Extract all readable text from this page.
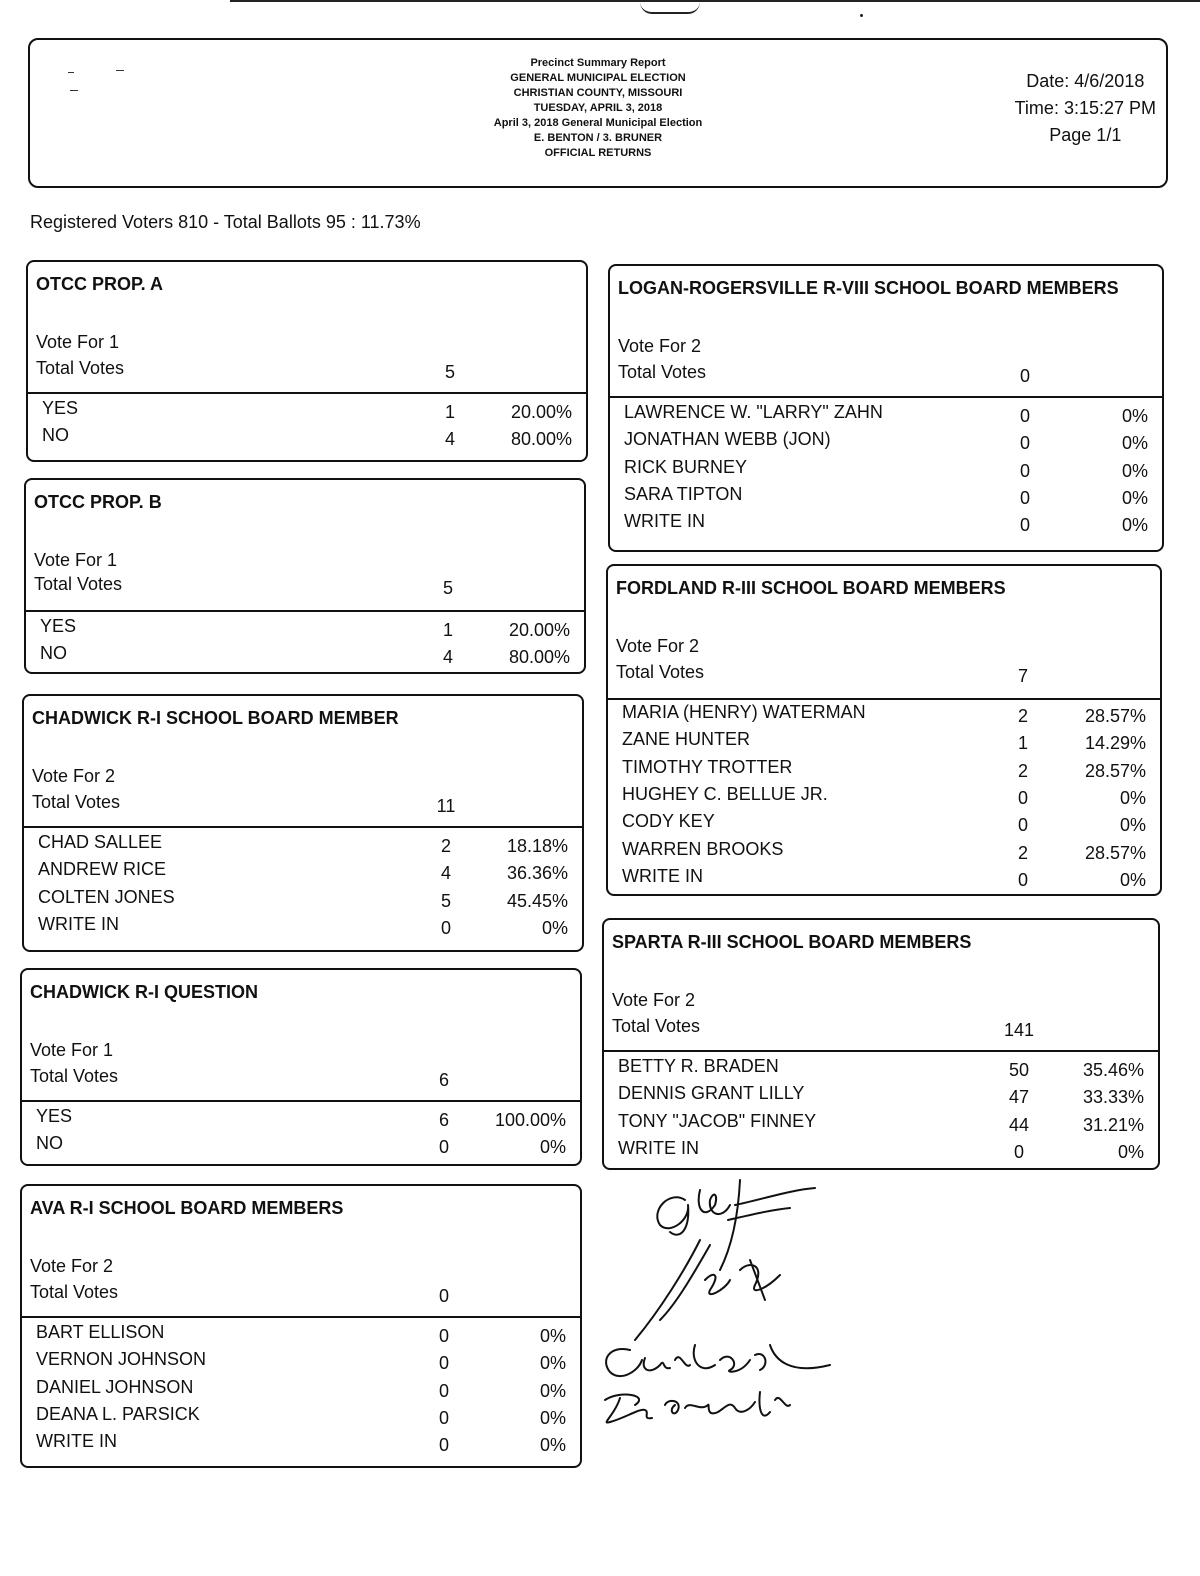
Precinct Summary Report
GENERAL MUNICIPAL ELECTION
CHRISTIAN COUNTY, MISSOURI
TUESDAY, APRIL 3, 2018
April 3, 2018 General Municipal Election
E. BENTON / 3. BRUNER
OFFICIAL RETURNS
Date: 4/6/2018
Time: 3:15:27 PM
Page 1/1
Registered Voters 810 - Total Ballots 95 : 11.73%
OTCC PROP. A
Vote For 1
Total Votes	5
YES	1	20.00%
NO	4	80.00%
OTCC PROP. B
Vote For 1
Total Votes	5
YES	1	20.00%
NO	4	80.00%
CHADWICK R-I SCHOOL BOARD MEMBER
Vote For 2
Total Votes	11
CHAD SALLEE	2	18.18%
ANDREW RICE	4	36.36%
COLTEN JONES	5	45.45%
WRITE IN	0	0%
CHADWICK R-I QUESTION
Vote For 1
Total Votes	6
YES	6	100.00%
NO	0	0%
AVA R-I SCHOOL BOARD MEMBERS
Vote For 2
Total Votes	0
BART ELLISON	0	0%
VERNON JOHNSON	0	0%
DANIEL JOHNSON	0	0%
DEANA L. PARSICK	0	0%
WRITE IN	0	0%
LOGAN-ROGERSVILLE R-VIII SCHOOL BOARD MEMBERS
Vote For 2
Total Votes	0
LAWRENCE W. "LARRY" ZAHN	0	0%
JONATHAN WEBB (JON)	0	0%
RICK BURNEY	0	0%
SARA TIPTON	0	0%
WRITE IN	0	0%
FORDLAND R-III SCHOOL BOARD MEMBERS
Vote For 2
Total Votes	7
MARIA (HENRY) WATERMAN	2	28.57%
ZANE HUNTER	1	14.29%
TIMOTHY TROTTER	2	28.57%
HUGHEY C. BELLUE JR.	0	0%
CODY KEY	0	0%
WARREN BROOKS	2	28.57%
WRITE IN	0	0%
SPARTA R-III SCHOOL BOARD MEMBERS
Vote For 2
Total Votes	141
BETTY R. BRADEN	50	35.46%
DENNIS GRANT LILLY	47	33.33%
TONY "JACOB" FINNEY	44	31.21%
WRITE IN	0	0%
